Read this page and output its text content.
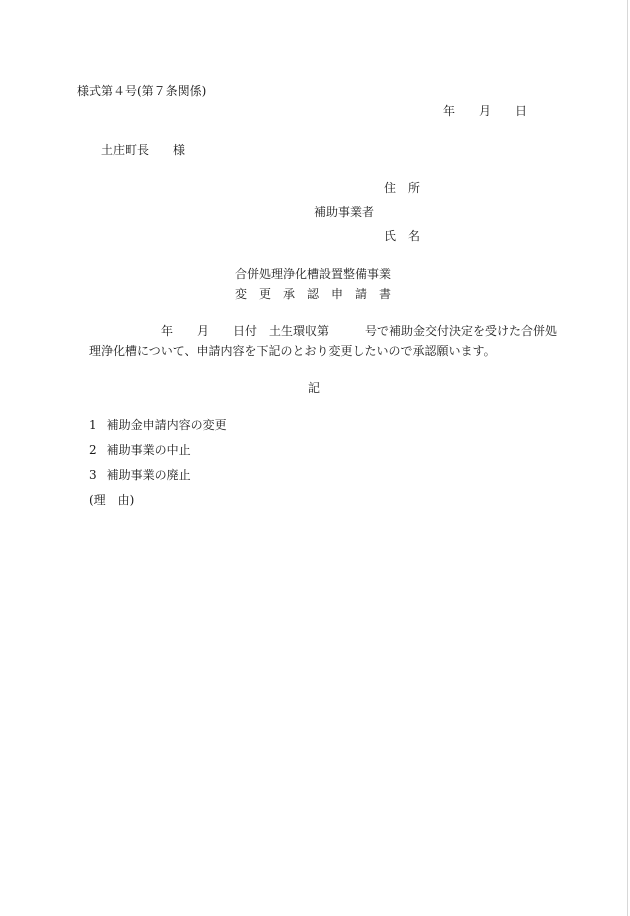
様式第４号(第７条関係)
年　　月　　日
土庄町長　　様
住　所
補助事業者
氏　名
合併処理浄化槽設置整備事業
変　更　承　認　申　請　書
年　　月　　日付　土生環収第　　　号で補助金交付決定を受けた合併処
理浄化槽について、申請内容を下記のとおり変更したいので承認願います。
記
1 補助金申請内容の変更
2 補助事業の中止
3 補助事業の廃止
(理　由)
